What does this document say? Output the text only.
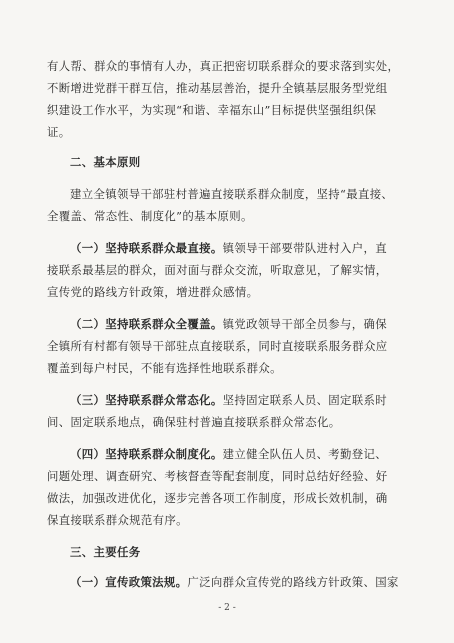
有人帮、群众的事情有人办，真正把密切联系群众的要求落到实处，
不断增进党群干群互信，推动基层善治，提升全镇基层服务型党组
织建设工作水平，为实现“和谐、幸福东山”目标提供坚强组织保
证。
二、基本原则
建立全镇领导干部驻村普遍直接联系群众制度，坚持“最直接、
全覆盖、常态性、制度化”的基本原则。
（一）坚持联系群众最直接。镇领导干部要带队进村入户，直
接联系最基层的群众，面对面与群众交流，听取意见，了解实情，
宣传党的路线方针政策，增进群众感情。
（二）坚持联系群众全覆盖。镇党政领导干部全员参与，确保
全镇所有村都有领导干部驻点直接联系，同时直接联系服务群众应
覆盖到每户村民，不能有选择性地联系群众。
（三）坚持联系群众常态化。坚持固定联系人员、固定联系时
间、固定联系地点，确保驻村普遍直接联系群众常态化。
（四）坚持联系群众制度化。建立健全队伍人员、考勤登记、
问题处理、调查研究、考核督查等配套制度，同时总结好经验、好
做法，加强改进优化，逐步完善各项工作制度，形成长效机制，确
保直接联系群众规范有序。
三、主要任务
（一）宣传政策法规。广泛向群众宣传党的路线方针政策、国家
- 2 -
